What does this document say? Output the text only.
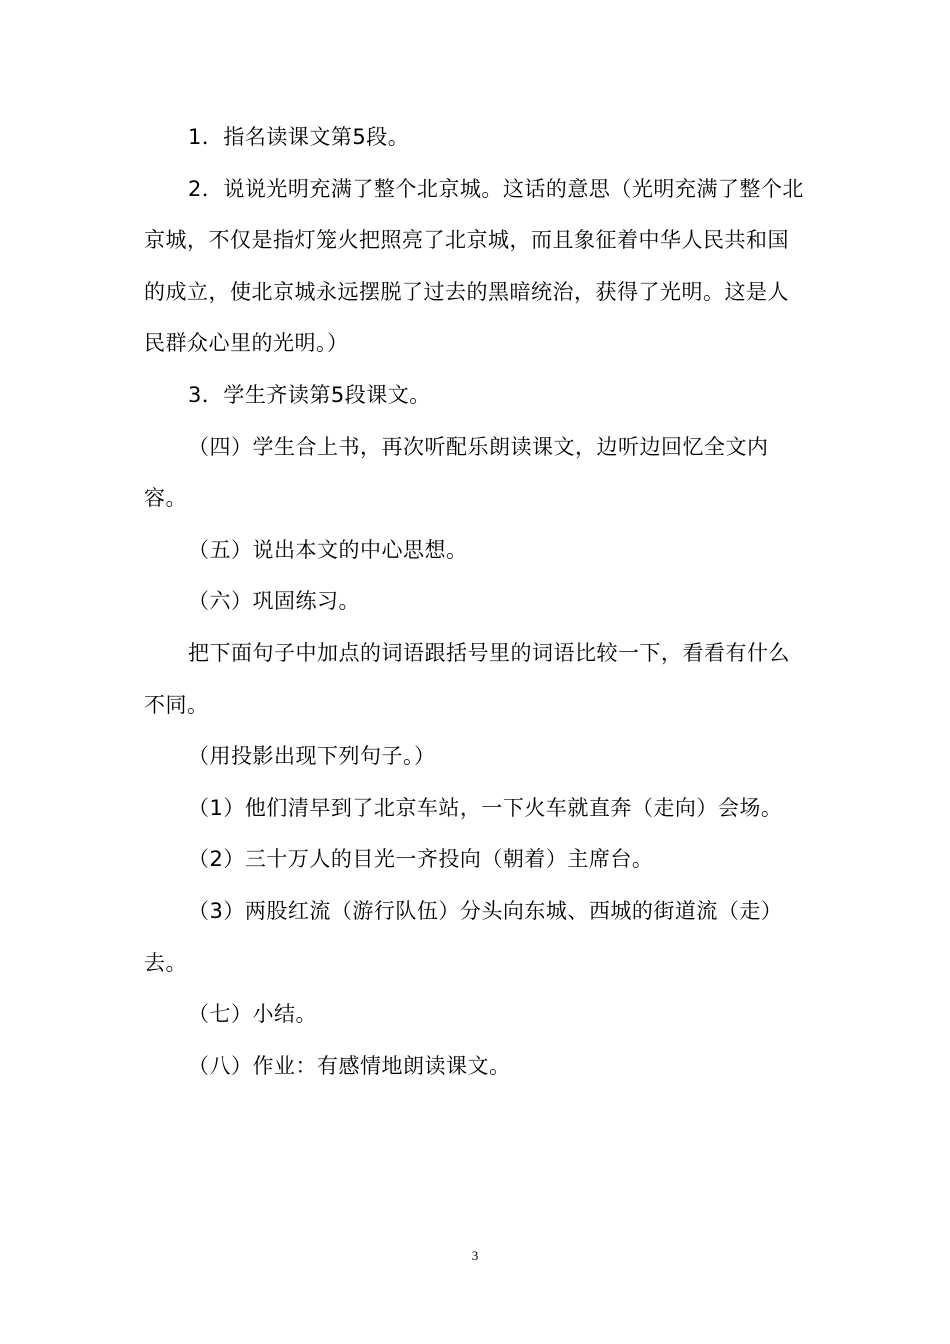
1．指名读课文第5段。

2．说说光明充满了整个北京城。这话的意思（光明充满了整个北京城，不仅是指灯笼火把照亮了北京城，而且象征着中华人民共和国的成立，使北京城永远摆脱了过去的黑暗统治，获得了光明。这是人民群众心里的光明。）

3．学生齐读第5段课文。

（四）学生合上书，再次听配乐朗读课文，边听边回忆全文内容。

（五）说出本文的中心思想。

（六）巩固练习。

把下面句子中加点的词语跟括号里的词语比较一下，看看有什么不同。

（用投影出现下列句子。）

（1）他们清早到了北京车站，一下火车就直奔（走向）会场。

（2）三十万人的目光一齐投向（朝着）主席台。

（3）两股红流（游行队伍）分头向东城、西城的街道流（走）去。

（七）小结。

（八）作业：有感情地朗读课文。

3
